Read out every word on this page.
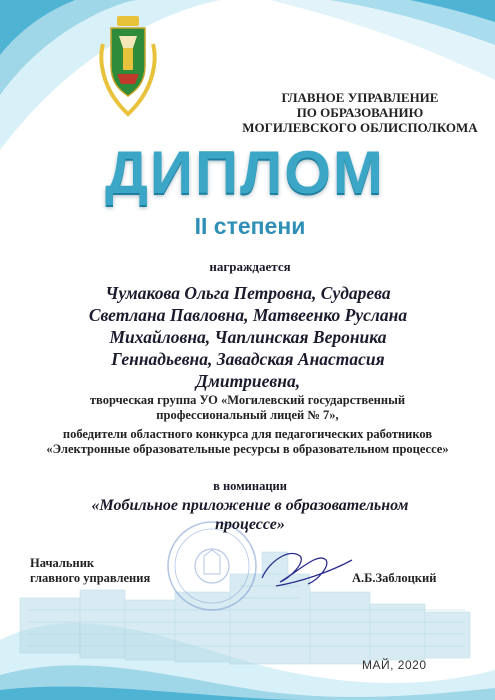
ГЛАВНОЕ УПРАВЛЕНИЕ
ПО ОБРАЗОВАНИЮ
МОГИЛЕВСКОГО ОБЛИСПОЛКОМА
ДИПЛОМ
II степени
награждается
Чумакова Ольга Петровна, Сударева
Светлана Павловна, Матвеенко Руслана
Михайловна, Чаплинская Вероника
Геннадьевна, Завадская Анастасия
Дмитриевна,
творческая группа УО «Могилевский государственный
профессиональный лицей № 7»,
победители областного конкурса для педагогических работников
«Электронные образовательные ресурсы в образовательном процессе»
в номинации
«Мобильное приложение в образовательном
процессе»
Начальник
главного управления	А.Б.Заблоцкий
МАЙ, 2020
